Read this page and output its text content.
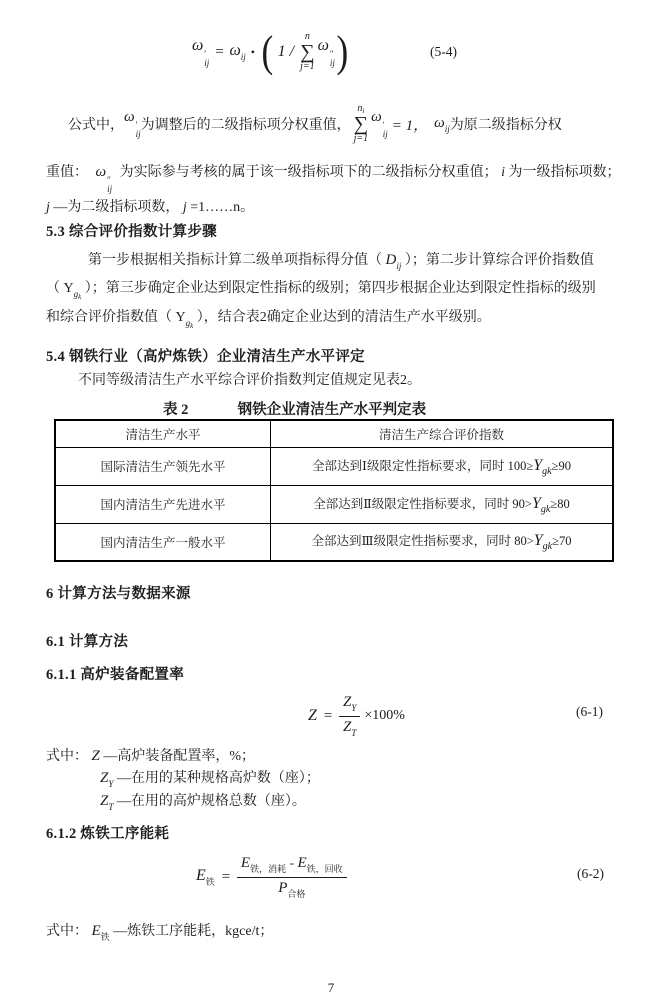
ω ′
ij
= $\omega_{ij}$ • ( 1 /
n
∑
j=1
ω ″
ij )	(5-4)
公式中，
ω ′
ij
为调整后的二级指标项分权重值，
$n_i$
∑
j=1
ω ′
ij
= 1， $\omega_{ij}$ 为原二级指标分权
重值： ω ″
ij
为实际参与考核的属于该一级指标项下的二级指标分权重值； i 为一级指标项数；
j —为二级指标项数， j =1……n。
5.3 综合评价指数计算步骤
第一步根据相关指标计算二级单项指标得分值（ $D_{ij}$ ）；第二步计算综合评价指数值
（ $Y_{g_k}$ ）；第三步确定企业达到限定性指标的级别；第四步根据企业达到限定性指标的级别
和综合评价指数值（ $Y_{g_k}$ ），结合表2确定企业达到的清洁生产水平级别。
5.4 钢铁行业（高炉炼铁）企业清洁生产水平评定
不同等级清洁生产水平综合评价指数判定值规定见表2。
表 2	钢铁企业清洁生产水平判定表
清洁生产水平	清洁生产综合评价指数
国际清洁生产领先水平	全部达到Ⅰ级限定性指标要求，同时 $100\ge Y_{gk}\ge 90$
国内清洁生产先进水平	全部达到Ⅱ级限定性指标要求，同时 $90>Y_{gk}\ge 80$
国内清洁生产一般水平	全部达到Ⅲ级限定性指标要求，同时 $80>Y_{gk}\ge 70$
6 计算方法与数据来源
6.1 计算方法
6.1.1 高炉装备配置率
$Z = \frac{Z_Y}{Z_T} \times 100\%$	(6-1)
式中： Z —高炉装备配置率，%；
$Z_Y$ —在用的某种规格高炉数（座）；
$Z_T$ —在用的高炉规格总数（座）。
6.1.2 炼铁工序能耗
$E_铁 = \frac{E_{铁,消耗} - E_{铁,回收}}{P_{合格}}$	(6-2)
式中： $E_铁$ —炼铁工序能耗，kgce/t；
7
